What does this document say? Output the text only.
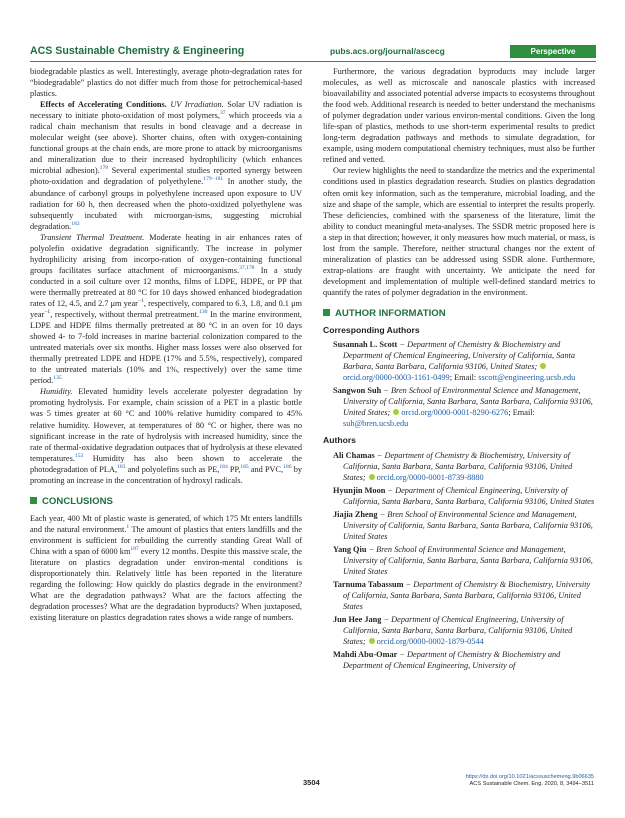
ACS Sustainable Chemistry & Engineering	pubs.acs.org/journal/ascecg	Perspective

biodegradable plastics as well. Interestingly, average photo-degradation rates for “biodegradable” plastics do not differ much from those for petrochemical-based plastics.

Effects of Accelerating Conditions. UV Irradiation. Solar UV radiation is necessary to initiate photo-oxidation of most polymers,$^{37}$ which proceeds via a radical chain mechanism that results in bond cleavage and a decrease in molecular weight (see above). Shorter chains, often with oxygen-containing functional groups at the chain ends, are more prone to attack by microorganisms and mineralization due to their increased hydrophilicity (which enhances microbial adhesion).$^{178}$ Several experimental studies reported synergy between photo-oxidation and degradation of polyethylene.$^{179-181}$ In another study, the abundance of carbonyl groups in polyethylene increased upon exposure to UV radiation for 60 h, then decreased when the photo-oxidized polyethylene was subsequently incubated with microorgan-isms, suggesting microbial degradation.$^{182}$

Transient Thermal Treatment. Moderate heating in air enhances rates of polyolefin oxidative degradation significantly. The increase in polymer hydrophilicity arising from incorpo-ration of oxygen-containing functional groups facilitates surface attachment of microorganisms.$^{37,178}$ In a study conducted in a soil culture over 12 months, films of LDPE, HDPE, or PP that were thermally pretreated at 80 °C for 10 days showed enhanced biodegradation rates of 12, 4.5, and 2.7 μm year$^{-1}$, respectively, compared to 6.3, 1.8, and 0.1 μm year$^{-1}$, respectively, without thermal pretreatment.$^{130}$ In the marine environment, LDPE and HDPE films thermally pretreated at 80 °C in an oven for 10 days showed 4- to 7-fold increases in marine bacterial colonization compared to the untreated materials over six months. Higher mass losses were also observed for thermally pretreated LDPE and HDPE (17% and 5.5%, respectively), compared to the untreated materials (10% and 1%, respectively) over the same time period.$^{135}$

Humidity. Elevated humidity levels accelerate polyester degradation by promoting hydrolysis. For example, chain scission of a PET in a plastic bottle was 5 times greater at 60 °C and 100% relative humidity compared to 45% relative humidity. However, at temperatures of 80 °C or higher, there was no significant increase in the rate of hydrolysis with increased humidity, since the rate of thermal-oxidative degradation outpaces that of hydrolysis at these elevated temperatures.$^{153}$ Humidity has also been shown to accelerate the photodegradation of PLA,$^{183}$ and polyolefins such as PE,$^{184}$ PP,$^{185}$ and PVC,$^{186}$ by promoting an increase in the concentration of hydroxyl radicals.

CONCLUSIONS

Each year, 400 Mt of plastic waste is generated, of which 175 Mt enters landfills and the natural environment.$^1$ The amount of plastics that enters landfills and the environment is sufficient for rebuilding the currently standing Great Wall of China with a span of 6000 $km^{187}$ every 12 months. Despite this massive scale, the literature on plastics degradation under environ-mental conditions is disproportionately thin. Relatively little has been reported in the literature regarding the following: How quickly do plastics degrade in the environment? What are the degradation pathways? What are the factors affecting the degradation processes? What are the degradation byproducts? When juxtaposed, existing literature on plastics degradation rates shows a wide range of numbers.

Furthermore, the various degradation byproducts may include larger molecules, as well as microscale and nanoscale plastics with increased bioavailability and associated potential adverse impacts to ecosystems throughout the food web. Additional research is needed to better understand the mechanisms of polymer degradation under various environ-mental conditions. Given the long life-span of plastics, methods to use short-term experimental results to predict long-term degradation pathways and methods to simulate degradation, for example, using modern computational chemistry techniques, must also be further refined and vetted.

Our review highlights the need to standardize the metrics and the experimental conditions used in plastics degradation research. Studies on plastics degradation often omit key information, such as the temperature, microbial loading, and the size and shape of the sample, which are essential to interpret the results properly. These deficiencies, combined with the sparseness of the literature, limit the ability to conduct meaningful meta-analyses. The SSDR metric proposed here is a step in that direction; however, it only measures how much material, or mass, is lost from the sample. Therefore, neither structural changes nor the extent of mineralization of plastics can be addressed using SSDR alone. Furthermore, extrap-olations are fraught with uncertainty. We anticipate the need for development and implementation of multiple well-defined standard metrics to quantify the rates of polymer degradation in the environment.

AUTHOR INFORMATION
Corresponding Authors
Susannah L. Scott − Department of Chemistry & Biochemistry and Department of Chemical Engineering, University of California, Santa Barbara, Santa Barbara, California 93106, United States; orcid.org/0000-0003-1161-0499; Email: sscott@engineering.ucsb.edu
Sangwon Suh − Bren School of Environmental Science and Management, University of California, Santa Barbara, Santa Barbara, California 93106, United States; orcid.org/0000-0001-8290-6276; Email: suh@bren.ucsb.edu
Authors
Ali Chamas − Department of Chemistry & Biochemistry, University of California, Santa Barbara, Santa Barbara, California 93106, United States; orcid.org/0000-0001-8739-8880
Hyunjin Moon − Department of Chemical Engineering, University of California, Santa Barbara, Santa Barbara, California 93106, United States
Jiajia Zheng − Bren School of Environmental Science and Management, University of California, Santa Barbara, Santa Barbara, California 93106, United States
Yang Qiu − Bren School of Environmental Science and Management, University of California, Santa Barbara, Santa Barbara, California 93106, United States
Tarnuma Tabassum − Department of Chemistry & Biochemistry, University of California, Santa Barbara, Santa Barbara, California 93106, United States
Jun Hee Jang − Department of Chemical Engineering, University of California, Santa Barbara, Santa Barbara, California 93106, United States; orcid.org/0000-0002-1879-0544
Mahdi Abu-Omar − Department of Chemistry & Biochemistry and Department of Chemical Engineering, University of
3504
https://dx.doi.org/10.1021/acssuschemeng.9b06635
ACS Sustainable Chem. Eng. 2020, 8, 3494−3511
